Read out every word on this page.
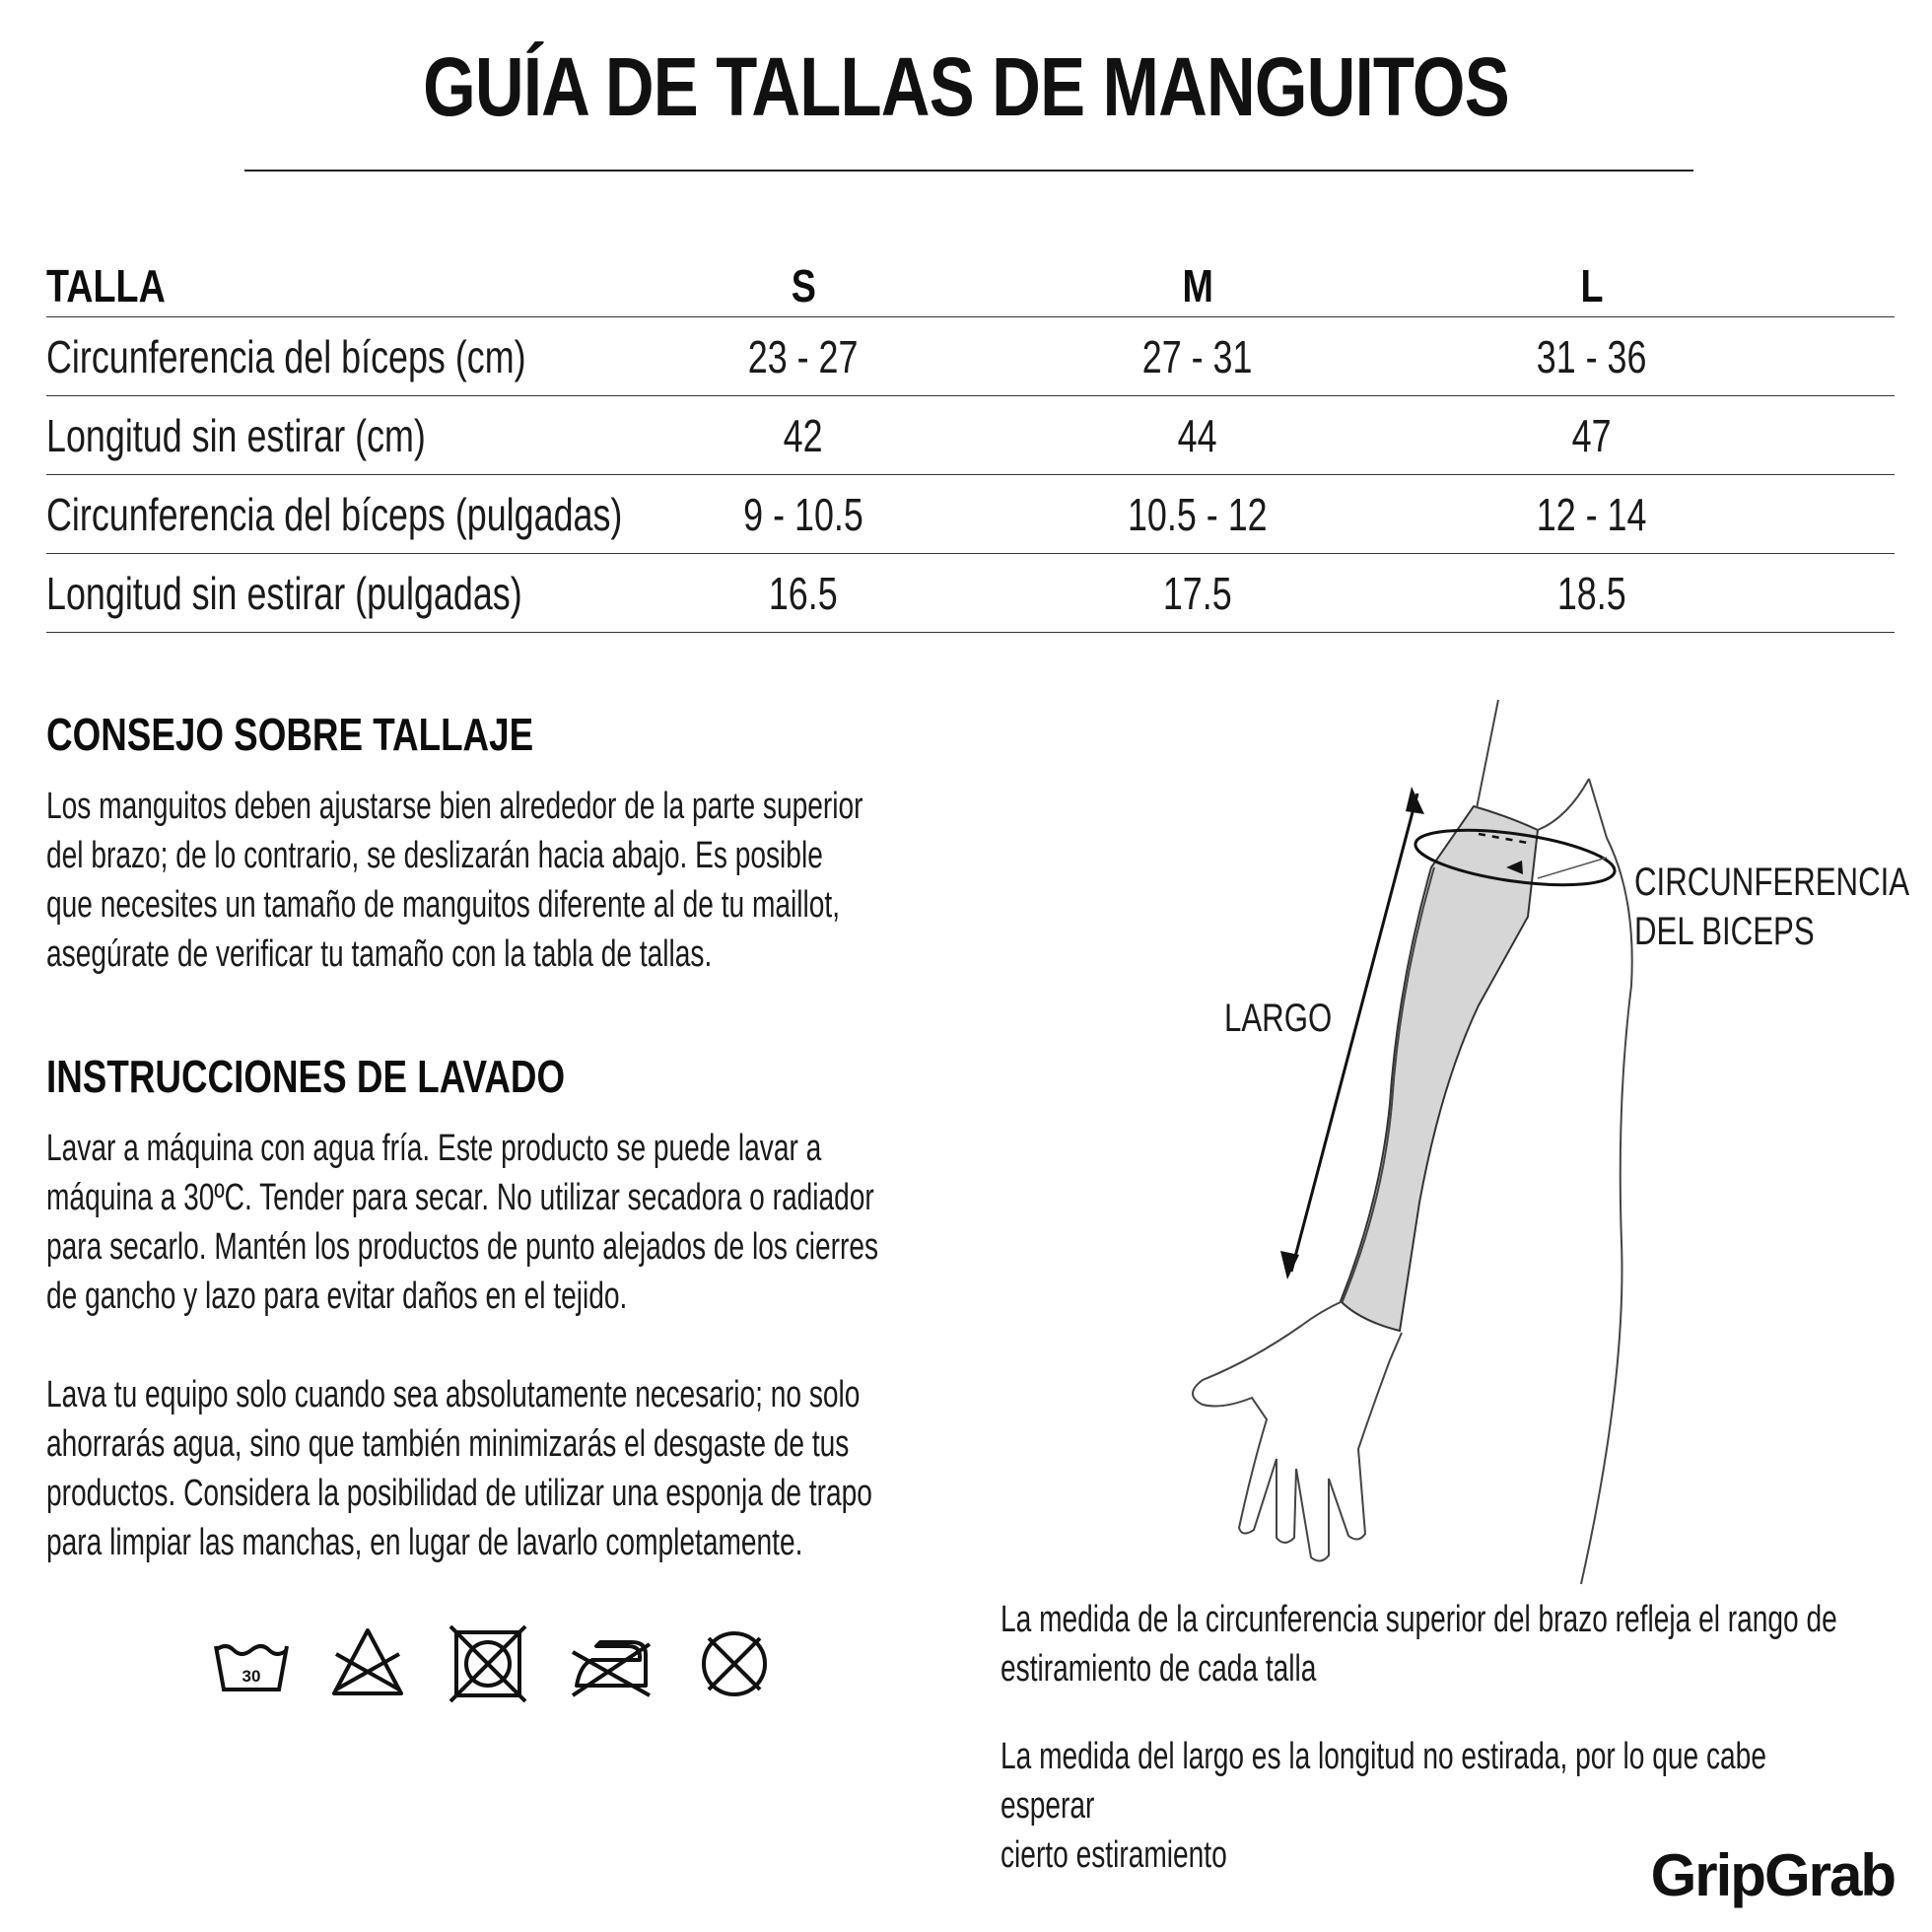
GUÍA DE TALLAS DE MANGUITOS
TALLA	S	M	L
Circunferencia del bíceps (cm)	23 - 27	27 - 31	31 - 36
Longitud sin estirar (cm)	42	44	47
Circunferencia del bíceps (pulgadas)	9 - 10.5	10.5 - 12	12 - 14
Longitud sin estirar (pulgadas)	16.5	17.5	18.5
CONSEJO SOBRE TALLAJE
Los manguitos deben ajustarse bien alrededor de la parte superior
del brazo; de lo contrario, se deslizarán hacia abajo. Es posible
que necesites un tamaño de manguitos diferente al de tu maillot,
asegúrate de verificar tu tamaño con la tabla de tallas.
INSTRUCCIONES DE LAVADO
Lavar a máquina con agua fría. Este producto se puede lavar a
máquina a 30ºC. Tender para secar. No utilizar secadora o radiador
para secarlo. Mantén los productos de punto alejados de los cierres
de gancho y lazo para evitar daños en el tejido.
Lava tu equipo solo cuando sea absolutamente necesario; no solo
ahorrarás agua, sino que también minimizarás el desgaste de tus
productos. Considera la posibilidad de utilizar una esponja de trapo
para limpiar las manchas, en lugar de lavarlo completamente.
30
LARGO
CIRCUNFERENCIA
DEL BICEPS
La medida de la circunferencia superior del brazo refleja el rango de
estiramiento de cada talla
La medida del largo es la longitud no estirada, por lo que cabe esperar
cierto estiramiento	GripGrab
